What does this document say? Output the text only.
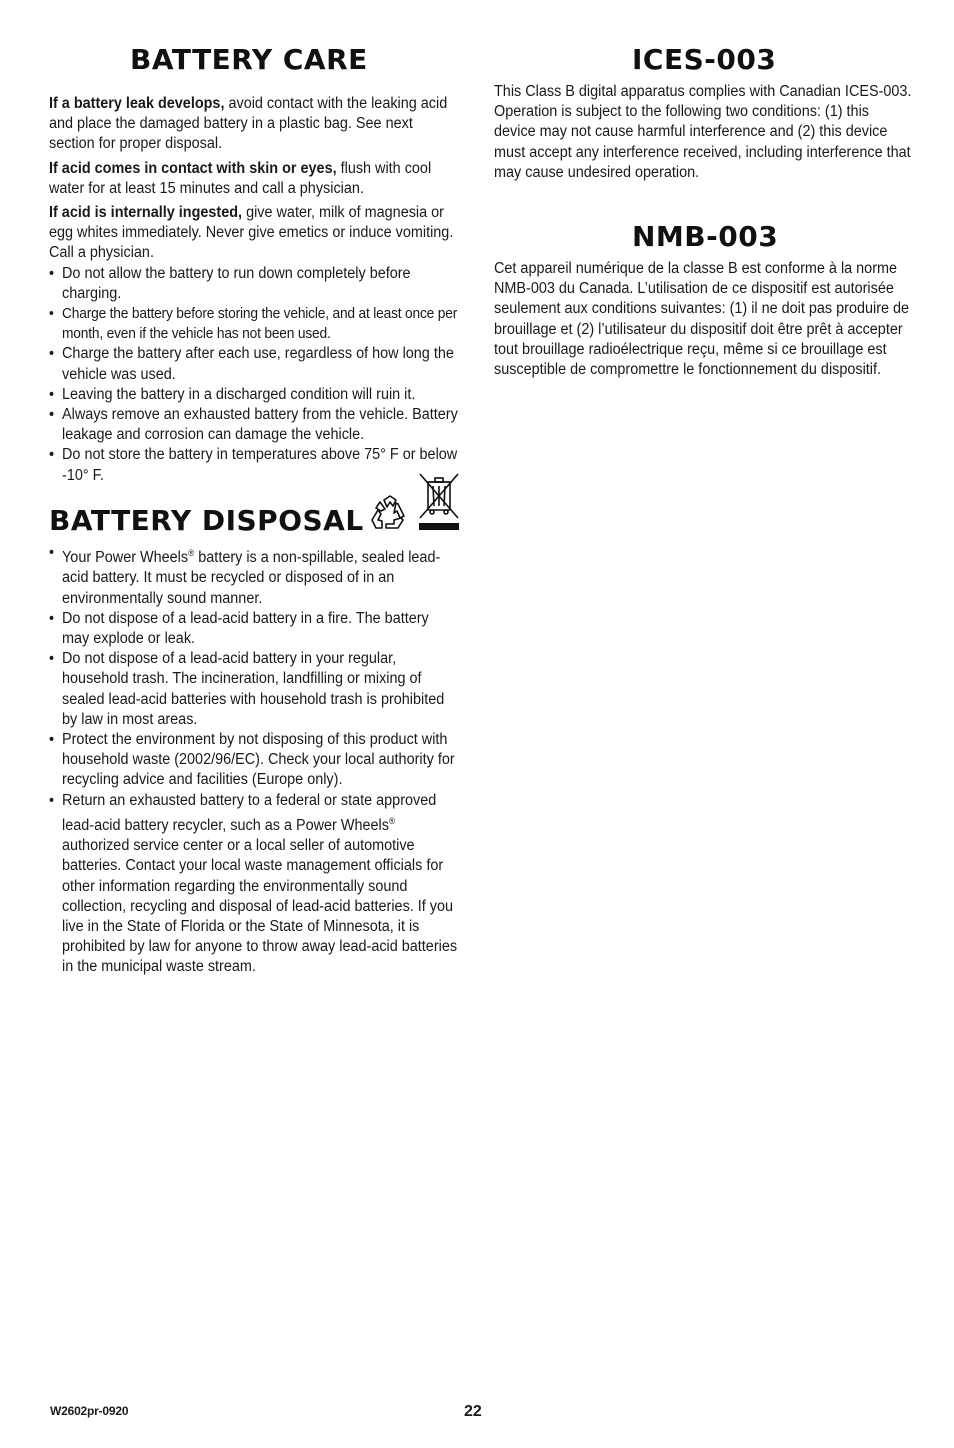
BATTERY CARE

If a battery leak develops, avoid contact with the leaking acid and place the damaged battery in a plastic bag. See next section for proper disposal.

If acid comes in contact with skin or eyes, flush with cool water for at least 15 minutes and call a physician.

If acid is internally ingested, give water, milk of magnesia or egg whites immediately. Never give emetics or induce vomiting. Call a physician.

• Do not allow the battery to run down completely before charging.
• Charge the battery before storing the vehicle, and at least once per month, even if the vehicle has not been used.
• Charge the battery after each use, regardless of how long the vehicle was used.
• Leaving the battery in a discharged condition will ruin it.
• Always remove an exhausted battery from the vehicle. Battery leakage and corrosion can damage the vehicle.
• Do not store the battery in temperatures above 75° F or below -10° F.
BATTERY DISPOSAL
• Your Power Wheels® battery is a non-spillable, sealed lead-acid battery. It must be recycled or disposed of in an environmentally sound manner.
• Do not dispose of a lead-acid battery in a fire. The battery may explode or leak.
• Do not dispose of a lead-acid battery in your regular, household trash. The incineration, landfilling or mixing of sealed lead-acid batteries with household trash is prohibited by law in most areas.
• Protect the environment by not disposing of this product with household waste (2002/96/EC). Check your local authority for recycling advice and facilities (Europe only).
• Return an exhausted battery to a federal or state approved lead-acid battery recycler, such as a Power Wheels® authorized service center or a local seller of automotive batteries. Contact your local waste management officials for other information regarding the environmentally sound collection, recycling and disposal of lead-acid batteries. If you live in the State of Florida or the State of Minnesota, it is prohibited by law for anyone to throw away lead-acid batteries in the municipal waste stream.
ICES-003
This Class B digital apparatus complies with Canadian ICES-003. Operation is subject to the following two conditions: (1) this device may not cause harmful interference and (2) this device must accept any interference received, including interference that may cause undesired operation.
NMB-003
Cet appareil numérique de la classe B est conforme à la norme NMB-003 du Canada. L’utilisation de ce dispositif est autorisée seulement aux conditions suivantes: (1) il ne doit pas produire de brouillage et (2) l’utilisateur du dispositif doit être prêt à accepter tout brouillage radioélectrique reçu, même si ce brouillage est susceptible de compromettre le fonctionnement du dispositif.
W2602pr-0920	22
